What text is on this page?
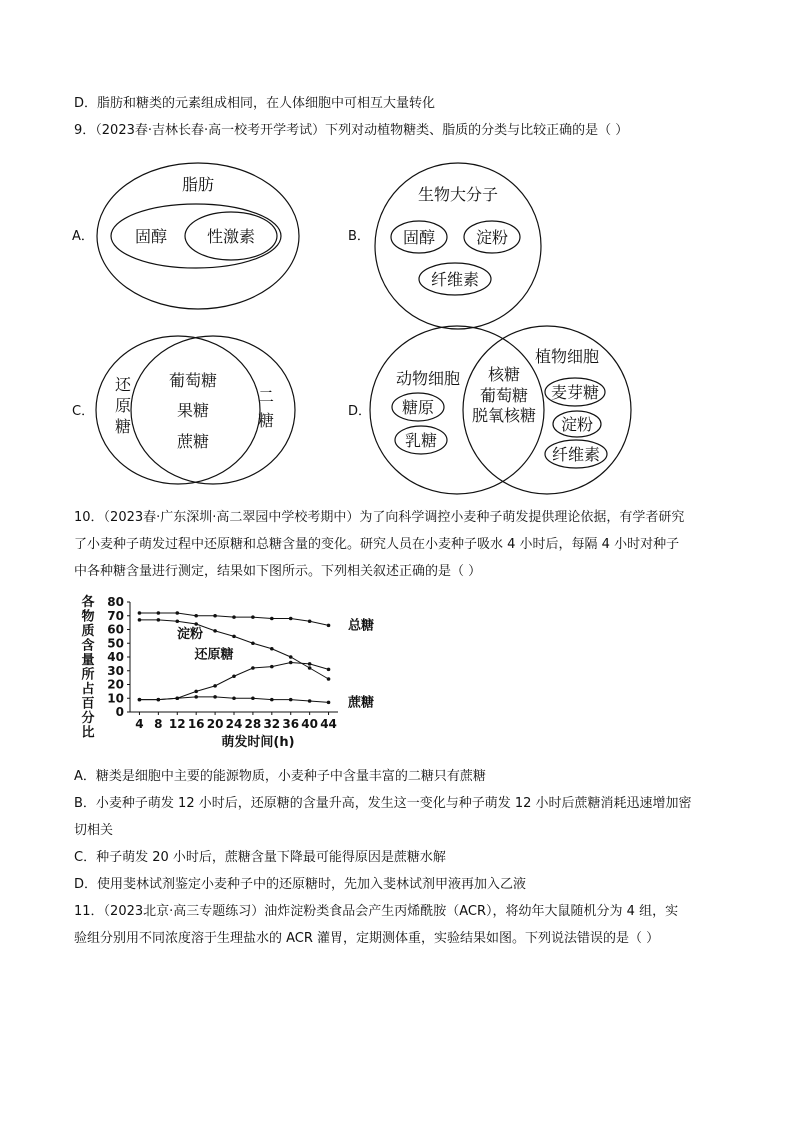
D．脂肪和糖类的元素组成相同，在人体细胞中可相互大量转化
9．（2023春·吉林长春·高一校考开学考试）下列对动植物糖类、脂质的分类与比较正确的是（ ）
A．
脂肪
固醇 性激素	B．
生物大分子
固醇	淀粉
纤维素
C．
还
原
糖
葡萄糖
果糖
蔗糖
二
糖	D．
动物细胞
糖原
乳糖
核糖
葡萄糖
脱氧核糖
植物细胞
麦芽糖
淀粉
纤维素
10．（2023春·广东深圳·高二翠园中学校考期中）为了向科学调控小麦种子萌发提供理论依据，有学者研究
了小麦种子萌发过程中还原糖和总糖含量的变化。研究人员在小麦种子吸水 4 小时后，每隔 4 小时对种子
中各种糖含量进行测定，结果如下图所示。下列相关叙述正确的是（ ）
各
物
质
含
量
所
占
百
分
比
0
10
20
30
40
50
60
70
80
4 8 12 16 20 24 28 32 36 40 44
总糖
淀粉
还原糖
蔗糖
萌发时间(h)
A．糖类是细胞中主要的能源物质，小麦种子中含量丰富的二糖只有蔗糖
B．小麦种子萌发 12 小时后，还原糖的含量升高，发生这一变化与种子萌发 12 小时后蔗糖消耗迅速增加密
切相关
C．种子萌发 20 小时后，蔗糖含量下降最可能得原因是蔗糖水解
D．使用斐林试剂鉴定小麦种子中的还原糖时，先加入斐林试剂甲液再加入乙液
11．（2023北京·高三专题练习）油炸淀粉类食品会产生丙烯酰胺（ACR），将幼年大鼠随机分为 4 组，实
验组分别用不同浓度溶于生理盐水的 ACR 灌胃，定期测体重，实验结果如图。下列说法错误的是（ ）
